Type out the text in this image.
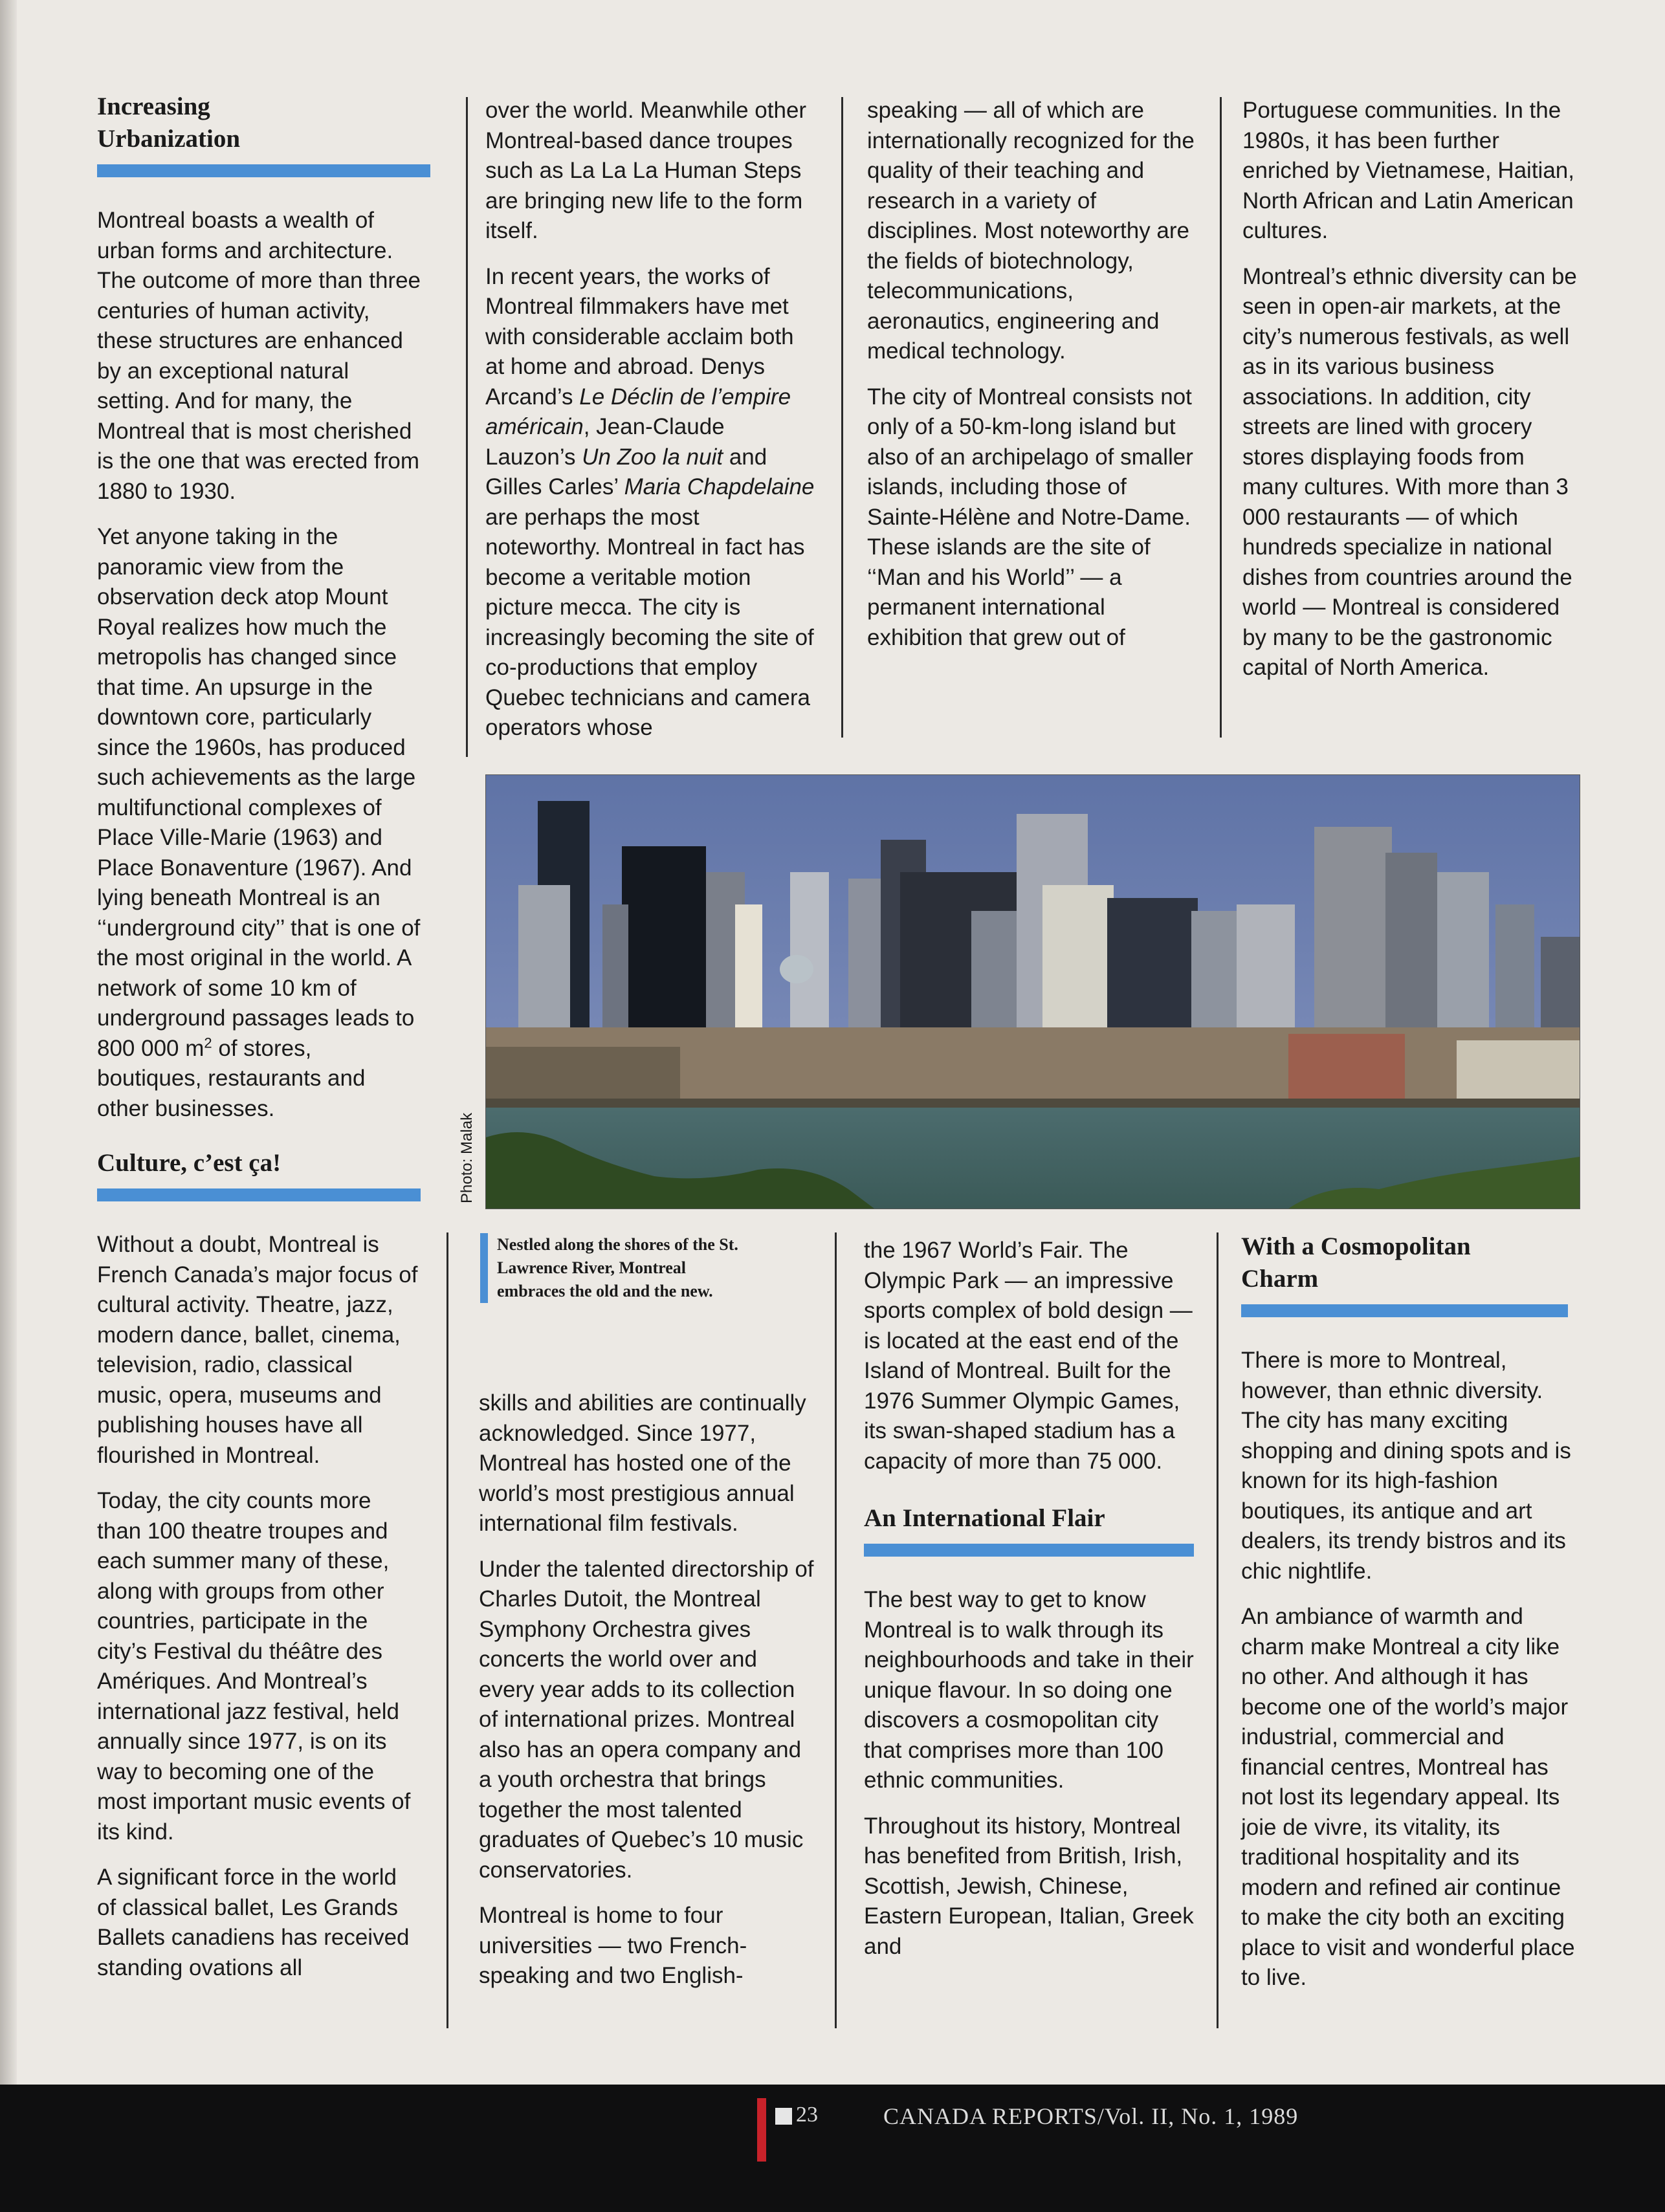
Increasing Urbanization

Montreal boasts a wealth of urban forms and architecture. The outcome of more than three centuries of human activity, these structures are enhanced by an exceptional natural setting. And for many, the Montreal that is most cherished is the one that was erected from 1880 to 1930.

Yet anyone taking in the panoramic view from the observation deck atop Mount Royal realizes how much the metropolis has changed since that time. An upsurge in the downtown core, particularly since the 1960s, has produced such achievements as the large multifunctional complexes of Place Ville-Marie (1963) and Place Bonaventure (1967). And lying beneath Montreal is an ‘‘underground city’’ that is one of the most original in the world. A network of some 10 km of underground passages leads to 800 000 $m^2$ of stores, boutiques, restaurants and other businesses.

Culture, c’est ça!

Without a doubt, Montreal is French Canada’s major focus of cultural activity. Theatre, jazz, modern dance, ballet, cinema, television, radio, classical music, opera, museums and publishing houses have all flourished in Montreal.

Today, the city counts more than 100 theatre troupes and each summer many of these, along with groups from other countries, participate in the city’s Festival du théâtre des Amériques. And Montreal’s international jazz festival, held annually since 1977, is on its way to becoming one of the most important music events of its kind.

A significant force in the world of classical ballet, Les Grands Ballets canadiens has received standing ovations all

over the world. Meanwhile other Montreal-based dance troupes such as La La La Human Steps are bringing new life to the form itself.

In recent years, the works of Montreal filmmakers have met with considerable acclaim both at home and abroad. Denys Arcand’s Le Déclin de l’empire américain, Jean-Claude Lauzon’s Un Zoo la nuit and Gilles Carles’ Maria Chapdelaine are perhaps the most noteworthy. Montreal in fact has become a veritable motion picture mecca. The city is increasingly becoming the site of co-productions that employ Quebec technicians and camera operators whose

speaking — all of which are internationally recognized for the quality of their teaching and research in a variety of disciplines. Most noteworthy are the fields of biotechnology, telecommunications, aeronautics, engineering and medical technology.

The city of Montreal consists not only of a 50-km-long island but also of an archipelago of smaller islands, including those of Sainte-Hélène and Notre-Dame. These islands are the site of ‘‘Man and his World’’ — a permanent international exhibition that grew out of

Portuguese communities. In the 1980s, it has been further enriched by Vietnamese, Haitian, North African and Latin American cultures.

Montreal’s ethnic diversity can be seen in open-air markets, at the city’s numerous festivals, as well as in its various business associations. In addition, city streets are lined with grocery stores displaying foods from many cultures. With more than 3 000 restaurants — of which hundreds specialize in national dishes from countries around the world — Montreal is considered by many to be the gastronomic capital of North America.

Photo: Malak
Nestled along the shores of the St. Lawrence River, Montreal embraces the old and the new.

skills and abilities are continually acknowledged. Since 1977, Montreal has hosted one of the world’s most prestigious annual international film festivals.

Under the talented directorship of Charles Dutoit, the Montreal Symphony Orchestra gives concerts the world over and every year adds to its collection of international prizes. Montreal also has an opera company and a youth orchestra that brings together the most talented graduates of Quebec’s 10 music conservatories.

Montreal is home to four universities — two French-speaking and two English-

the 1967 World’s Fair. The Olympic Park — an impressive sports complex of bold design — is located at the east end of the Island of Montreal. Built for the 1976 Summer Olympic Games, its swan-shaped stadium has a capacity of more than 75 000.

An International Flair

The best way to get to know Montreal is to walk through its neighbourhoods and take in their unique flavour. In so doing one discovers a cosmopolitan city that comprises more than 100 ethnic communities.

Throughout its history, Montreal has benefited from British, Irish, Scottish, Jewish, Chinese, Eastern European, Italian, Greek and

With a Cosmopolitan Charm

There is more to Montreal, however, than ethnic diversity. The city has many exciting shopping and dining spots and is known for its high-fashion boutiques, its antique and art dealers, its trendy bistros and its chic nightlife.

An ambiance of warmth and charm make Montreal a city like no other. And although it has become one of the world’s major industrial, commercial and financial centres, Montreal has not lost its legendary appeal. Its joie de vivre, its vitality, its traditional hospitality and its modern and refined air continue to make the city both an exciting place to visit and wonderful place to live.

23	CANADA REPORTS/Vol. II, No. 1, 1989
